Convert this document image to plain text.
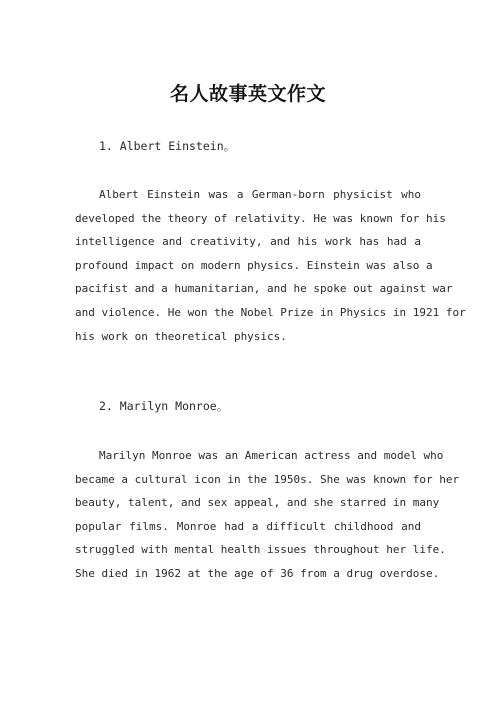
名人故事英文作文
1. Albert Einstein。
Albert Einstein was a German-born physicist who
developed the theory of relativity. He was known for his
intelligence and creativity, and his work has had a
profound impact on modern physics. Einstein was also a
pacifist and a humanitarian, and he spoke out against war
and violence. He won the Nobel Prize in Physics in 1921 for
his work on theoretical physics.
2. Marilyn Monroe。
Marilyn Monroe was an American actress and model who
became a cultural icon in the 1950s. She was known for her
beauty, talent, and sex appeal, and she starred in many
popular films. Monroe had a difficult childhood and
struggled with mental health issues throughout her life.
She died in 1962 at the age of 36 from a drug overdose.
